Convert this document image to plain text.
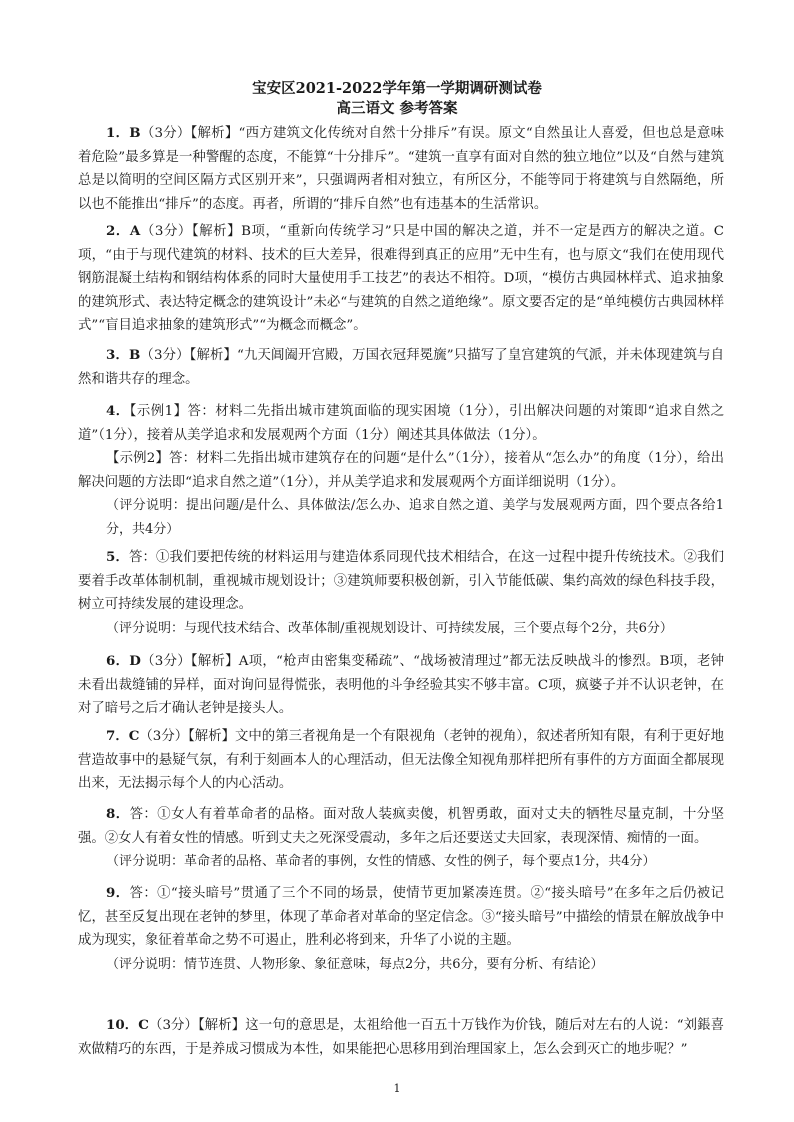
宝安区2021-2022学年第一学期调研测试卷
高三语文 参考答案
1．B（3分）【解析】“西方建筑文化传统对自然十分排斥”有误。原文“自然虽让人喜爱，但也总是意味着危险”最多算是一种警醒的态度，不能算“十分排斥”。“建筑一直享有面对自然的独立地位”以及“自然与建筑总是以简明的空间区隔方式区别开来”，只强调两者相对独立，有所区分，不能等同于将建筑与自然隔绝，所以也不能推出“排斥”的态度。再者，所谓的“排斥自然”也有违基本的生活常识。
2．A（3分）【解析】B项，“重新向传统学习”只是中国的解决之道，并不一定是西方的解决之道。C项，“由于与现代建筑的材料、技术的巨大差异，很难得到真正的应用”无中生有，也与原文“我们在使用现代钢筋混凝土结构和钢结构体系的同时大量使用手工技艺”的表达不相符。D项，“模仿古典园林样式、追求抽象的建筑形式、表达特定概念的建筑设计”未必“与建筑的自然之道绝缘”。原文要否定的是“单纯模仿古典园林样式”“盲目追求抽象的建筑形式”“为概念而概念”。
3．B（3分）【解析】“九天阊阖开宫殿，万国衣冠拜冕旒”只描写了皇宫建筑的气派，并未体现建筑与自然和谐共存的理念。

4．【示例1】答：材料二先指出城市建筑面临的现实困境（1分），引出解决问题的对策即“追求自然之道”（1分），接着从美学追求和发展观两个方面（1分）阐述其具体做法（1分）。

【示例2】答：材料二先指出城市建筑存在的问题“是什么”（1分），接着从“怎么办”的角度（1分），给出解决问题的方法即“追求自然之道”（1分），并从美学追求和发展观两个方面详细说明（1分）。

（评分说明：提出问题/是什么、具体做法/怎么办、追求自然之道、美学与发展观两方面，四个要点各给1分，共4分）

5．答：①我们要把传统的材料运用与建造体系同现代技术相结合，在这一过程中提升传统技术。②我们要着手改革体制机制，重视城市规划设计；③建筑师要积极创新，引入节能低碳、集约高效的绿色科技手段，树立可持续发展的建设理念。

（评分说明：与现代技术结合、改革体制/重视规划设计、可持续发展，三个要点每个2分，共6分）

6．D（3分）【解析】A项，“枪声由密集变稀疏”、“战场被清理过”都无法反映战斗的惨烈。B项，老钟未看出裁缝铺的异样，面对询问显得慌张，表明他的斗争经验其实不够丰富。C项，疯婆子并不认识老钟，在对了暗号之后才确认老钟是接头人。
7．C（3分）【解析】文中的第三者视角是一个有限视角（老钟的视角），叙述者所知有限，有利于更好地营造故事中的悬疑气氛，有利于刻画本人的心理活动，但无法像全知视角那样把所有事件的方方面面全都展现出来，无法揭示每个人的内心活动。

8．答：①女人有着革命者的品格。面对敌人装疯卖傻，机智勇敢，面对丈夫的牺牲尽量克制，十分坚强。②女人有着女性的情感。听到丈夫之死深受震动，多年之后还要送丈夫回家，表现深情、痴情的一面。

（评分说明：革命者的品格、革命者的事例，女性的情感、女性的例子，每个要点1分，共4分）

9．答：①“接头暗号”贯通了三个不同的场景，使情节更加紧凑连贯。②“接头暗号”在多年之后仍被记忆，甚至反复出现在老钟的梦里，体现了革命者对革命的坚定信念。③“接头暗号”中描绘的情景在解放战争中成为现实，象征着革命之势不可遏止，胜利必将到来，升华了小说的主题。

（评分说明：情节连贯、人物形象、象征意味，每点2分，共6分，要有分析、有结论）

10．C（3分）【解析】这一句的意思是，太祖给他一百五十万钱作为价钱，随后对左右的人说：“刘鋹喜欢做精巧的东西，于是养成习惯成为本性，如果能把心思移用到治理国家上，怎么会到灭亡的地步呢？”
1
